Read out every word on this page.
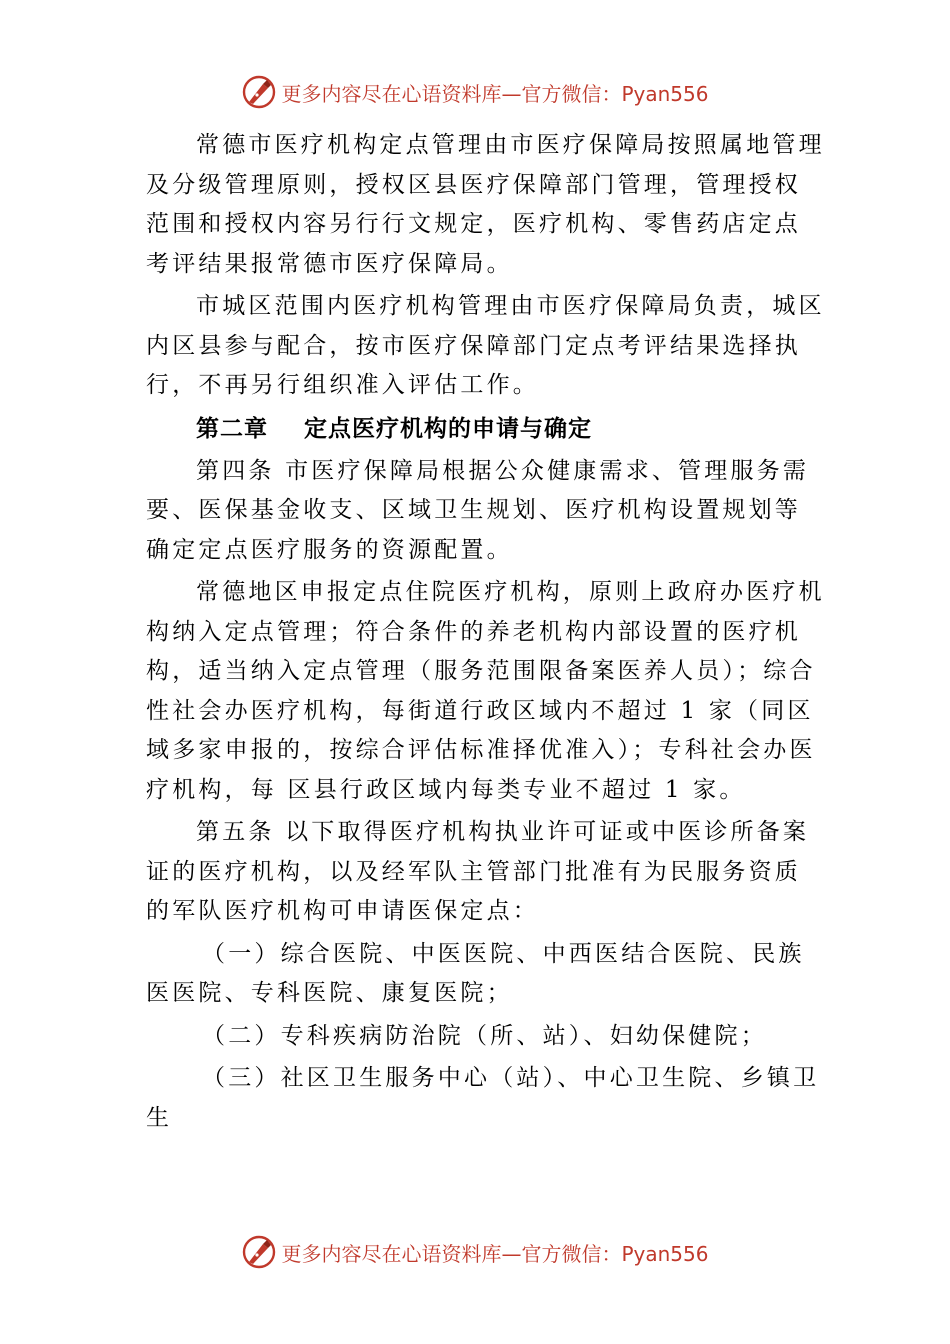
更多内容尽在心语资料库—官方微信：Pyan556

常德市医疗机构定点管理由市医疗保障局按照属地管理及分级管理原则，授权区县医疗保障部门管理，管理授权范围和授权内容另行行文规定，医疗机构、零售药店定点考评结果报常德市医疗保障局。

市城区范围内医疗机构管理由市医疗保障局负责，城区内区县参与配合，按市医疗保障部门定点考评结果选择执行，不再另行组织准入评估工作。

第二章    定点医疗机构的申请与确定

第四条 市医疗保障局根据公众健康需求、管理服务需要、医保基金收支、区域卫生规划、医疗机构设置规划等确定定点医疗服务的资源配置。

常德地区申报定点住院医疗机构，原则上政府办医疗机构纳入定点管理；符合条件的养老机构内部设置的医疗机构，适当纳入定点管理（服务范围限备案医养人员）；综合性社会办医疗机构，每街道行政区域内不超过 1 家（同区域多家申报的，按综合评估标准择优准入）；专科社会办医疗机构，每 区县行政区域内每类专业不超过 1 家。

第五条 以下取得医疗机构执业许可证或中医诊所备案证的医疗机构，以及经军队主管部门批准有为民服务资质的军队医疗机构可申请医保定点：

（一）综合医院、中医医院、中西医结合医院、民族医医院、专科医院、康复医院；

（二）专科疾病防治院（所、站）、妇幼保健院；

（三）社区卫生服务中心（站）、中心卫生院、乡镇卫生

更多内容尽在心语资料库—官方微信：Pyan556
